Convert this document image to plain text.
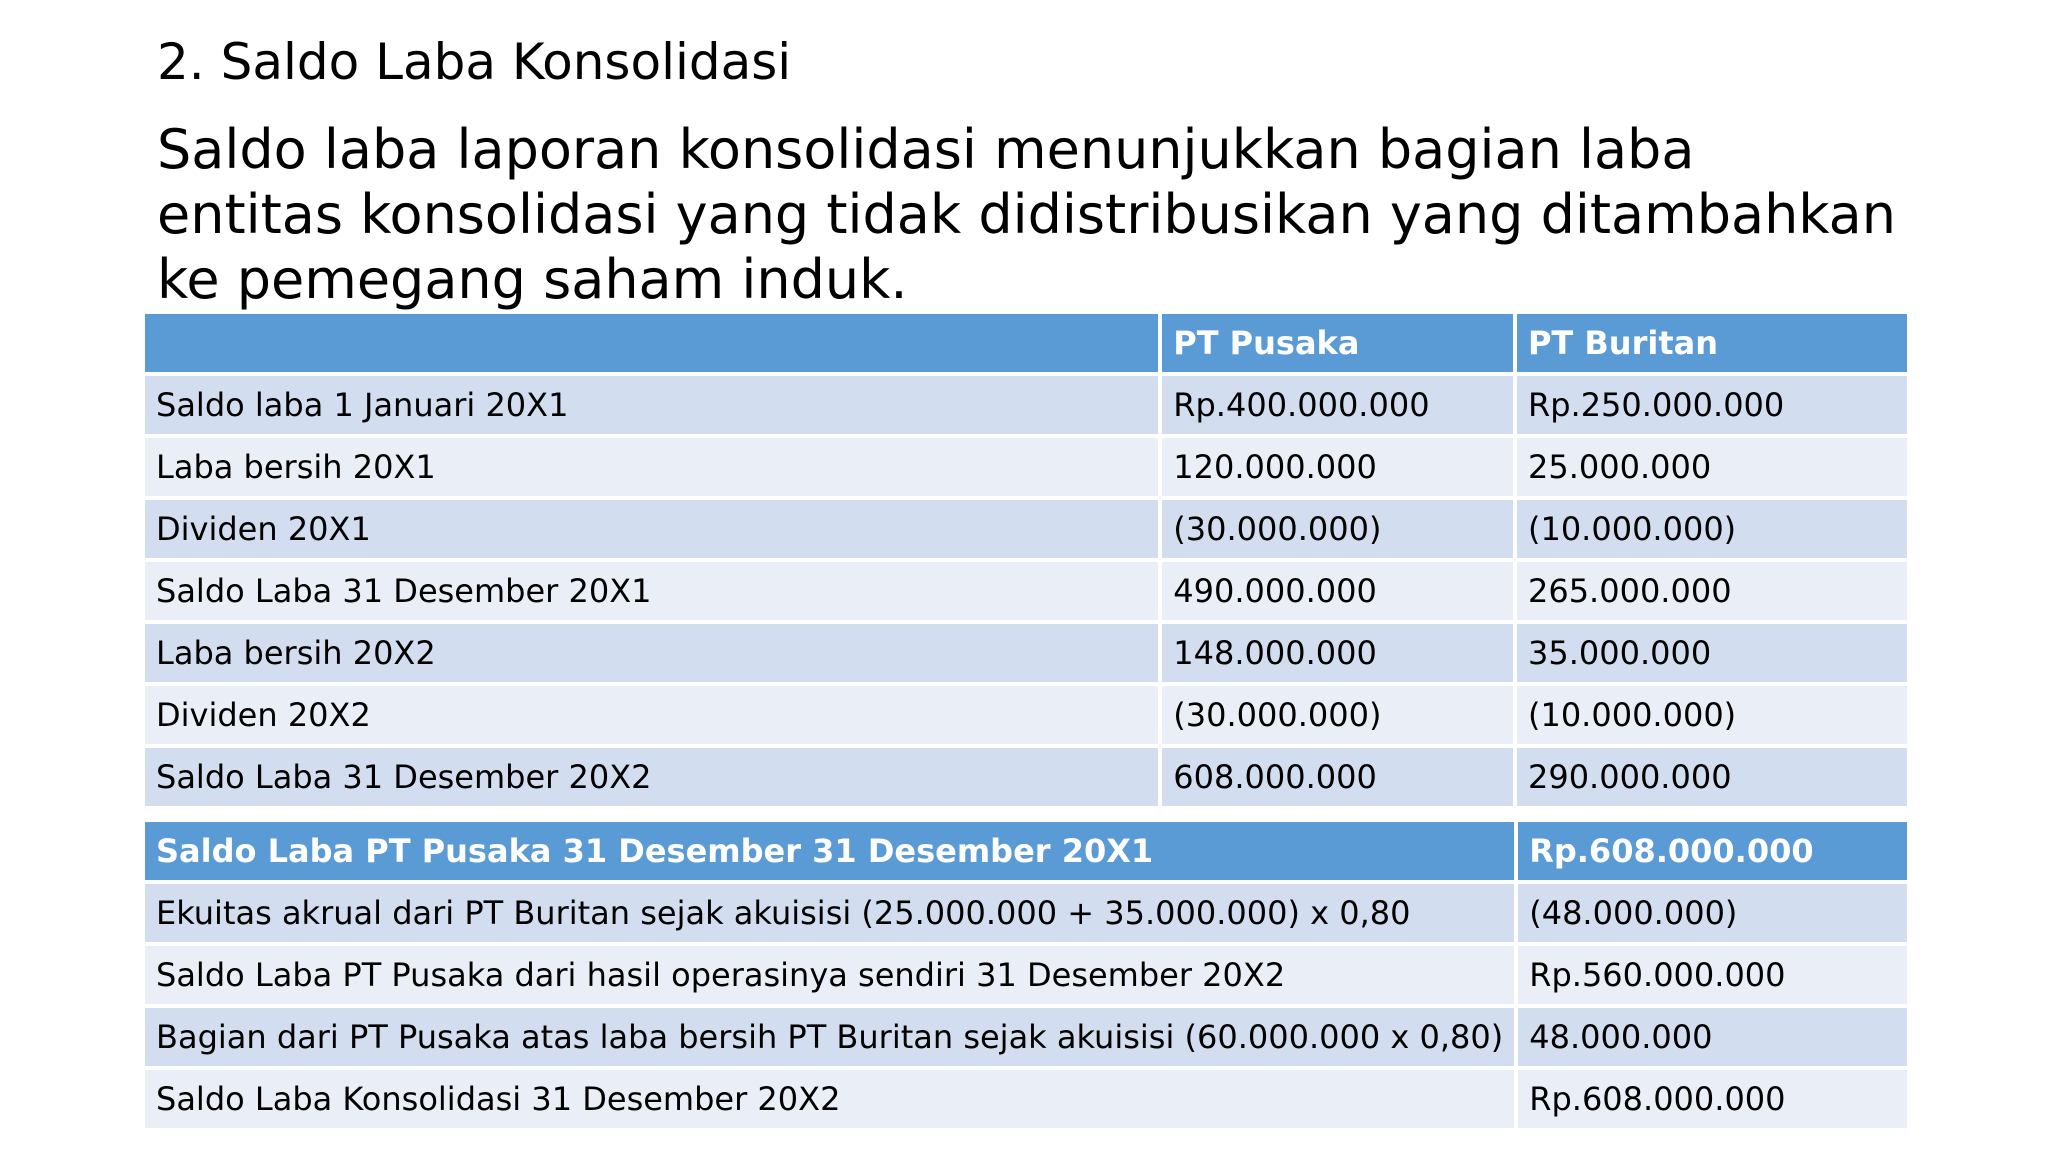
2. Saldo Laba Konsolidasi
Saldo laba laporan konsolidasi menunjukkan bagian laba entitas konsolidasi yang tidak didistribusikan yang ditambahkan ke pemegang saham induk.
	PT Pusaka	PT Buritan
Saldo laba 1 Januari 20X1	Rp.400.000.000	Rp.250.000.000
Laba bersih 20X1	120.000.000	25.000.000
Dividen 20X1	(30.000.000)	(10.000.000)
Saldo Laba 31 Desember 20X1	490.000.000	265.000.000
Laba bersih 20X2	148.000.000	35.000.000
Dividen 20X2	(30.000.000)	(10.000.000)
Saldo Laba 31 Desember 20X2	608.000.000	290.000.000
Saldo Laba PT Pusaka 31 Desember 31 Desember 20X1	Rp.608.000.000
Ekuitas akrual dari PT Buritan sejak akuisisi (25.000.000 + 35.000.000) x 0,80	(48.000.000)
Saldo Laba PT Pusaka dari hasil operasinya sendiri 31 Desember 20X2	Rp.560.000.000
Bagian dari PT Pusaka atas laba bersih PT Buritan sejak akuisisi (60.000.000 x 0,80)	48.000.000
Saldo Laba Konsolidasi 31 Desember 20X2	Rp.608.000.000
